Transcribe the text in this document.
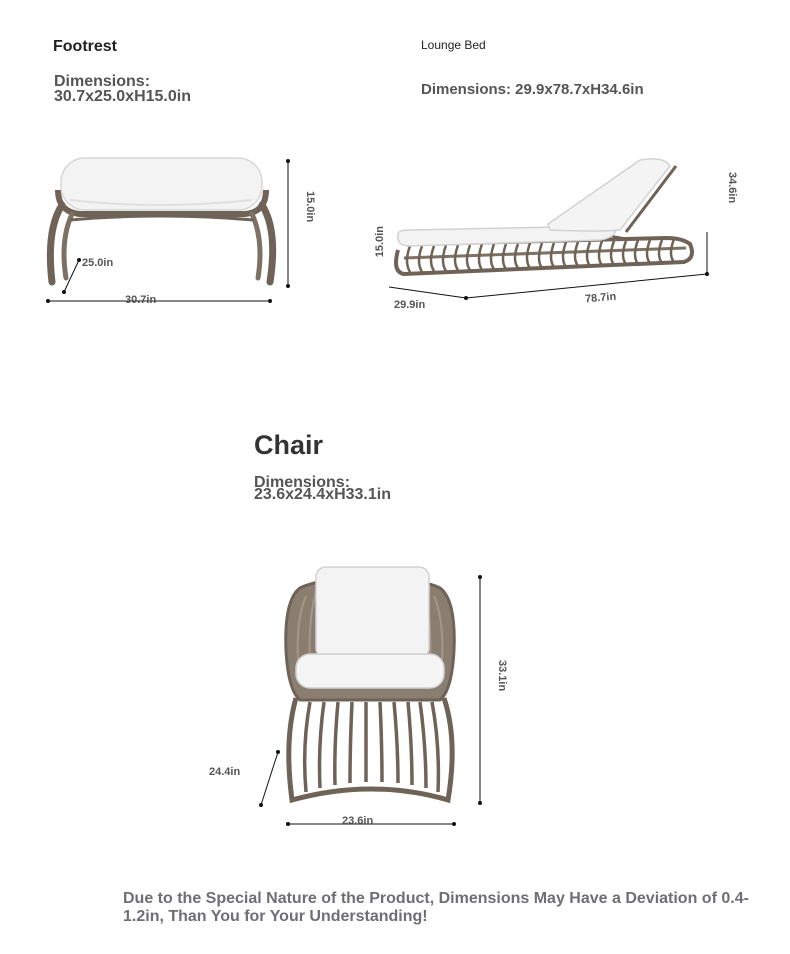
Footrest
Dimensions:
30.7x25.0xH15.0in
Lounge Bed
Dimensions: 29.9x78.7xH34.6in
Chair
Dimensions:
23.6x24.4xH33.1in
30.7in
25.0in
15.0in
29.9in	78.7in
34.6in
15.0in
23.6in
24.4in
33.1in
Due to the Special Nature of the Product, Dimensions May Have a Deviation of 0.4-1.2in, Than You for Your Understanding!
